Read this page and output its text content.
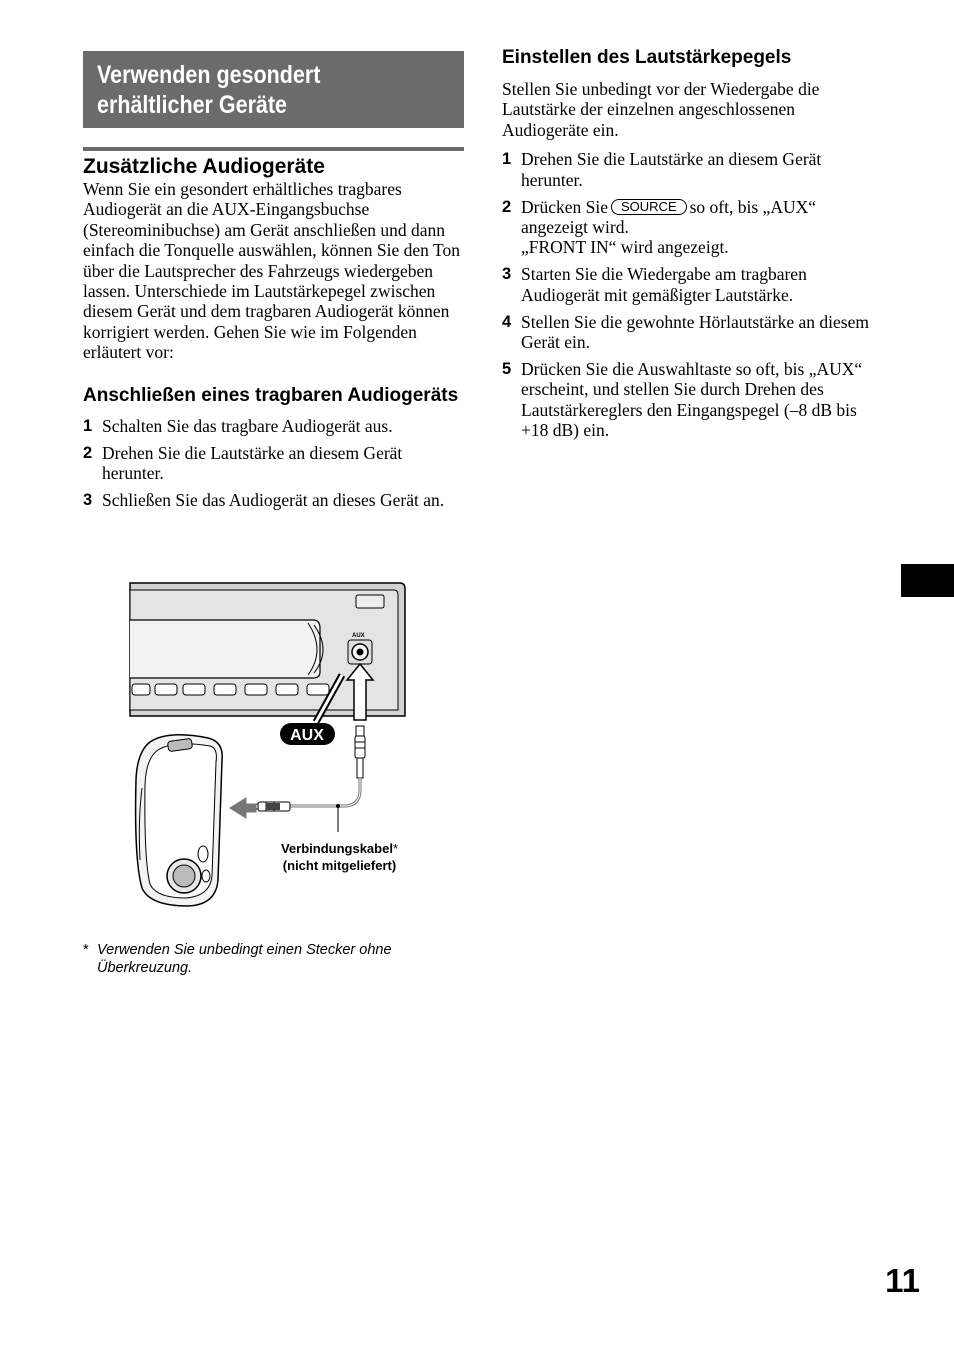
Verwenden gesondert
erhältlicher Geräte
Zusätzliche Audiogeräte

Wenn Sie ein gesondert erhältliches tragbares Audiogerät an die AUX-Eingangsbuchse (Stereominibuchse) am Gerät anschließen und dann einfach die Tonquelle auswählen, können Sie den Ton über die Lautsprecher des Fahrzeugs wiedergeben lassen. Unterschiede im Lautstärkepegel zwischen diesem Gerät und dem tragbaren Audiogerät können korrigiert werden. Gehen Sie wie im Folgenden erläutert vor:

Anschließen eines tragbaren Audiogeräts
1 Schalten Sie das tragbare Audiogerät aus.
2 Drehen Sie die Lautstärke an diesem Gerät herunter.
3 Schließen Sie das Audiogerät an dieses Gerät an.
AUX
AUX
Verbindungskabel*
(nicht mitgeliefert)
* Verwenden Sie unbedingt einen Stecker ohne Überkreuzung.
Einstellen des Lautstärkepegels

Stellen Sie unbedingt vor der Wiedergabe die Lautstärke der einzelnen angeschlossenen Audiogeräte ein.

1 Drehen Sie die Lautstärke an diesem Gerät herunter.
2 Drücken Sie SOURCE so oft, bis „AUX“ angezeigt wird.
„FRONT IN“ wird angezeigt.
3 Starten Sie die Wiedergabe am tragbaren Audiogerät mit gemäßigter Lautstärke.
4 Stellen Sie die gewohnte Hörlautstärke an diesem Gerät ein.
5 Drücken Sie die Auswahltaste so oft, bis „AUX“ erscheint, und stellen Sie durch Drehen des Lautstärkereglers den Eingangspegel (–8 dB bis +18 dB) ein.
11
